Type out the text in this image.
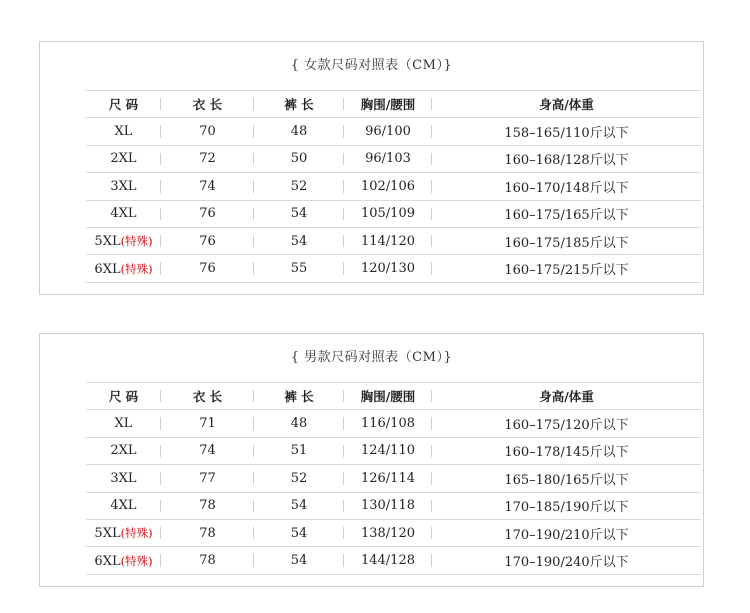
{ 女款尺码对照表（CM）}
尺 码	衣 长	裤 长	胸围/腰围	身高/体重
XL	70	48	96/100	158–165/110斤以下
2XL	72	50	96/103	160–168/128斤以下
3XL	74	52	102/106	160–170/148斤以下
4XL	76	54	105/109	160–175/165斤以下
5XL(特殊)	76	54	114/120	160–175/185斤以下
6XL(特殊)	76	55	120/130	160–175/215斤以下
{ 男款尺码对照表（CM）}
尺 码	衣 长	裤 长	胸围/腰围	身高/体重
XL	71	48	116/108	160–175/120斤以下
2XL	74	51	124/110	160–178/145斤以下
3XL	77	52	126/114	165–180/165斤以下
4XL	78	54	130/118	170–185/190斤以下
5XL(特殊)	78	54	138/120	170–190/210斤以下
6XL(特殊)	78	54	144/128	170–190/240斤以下
